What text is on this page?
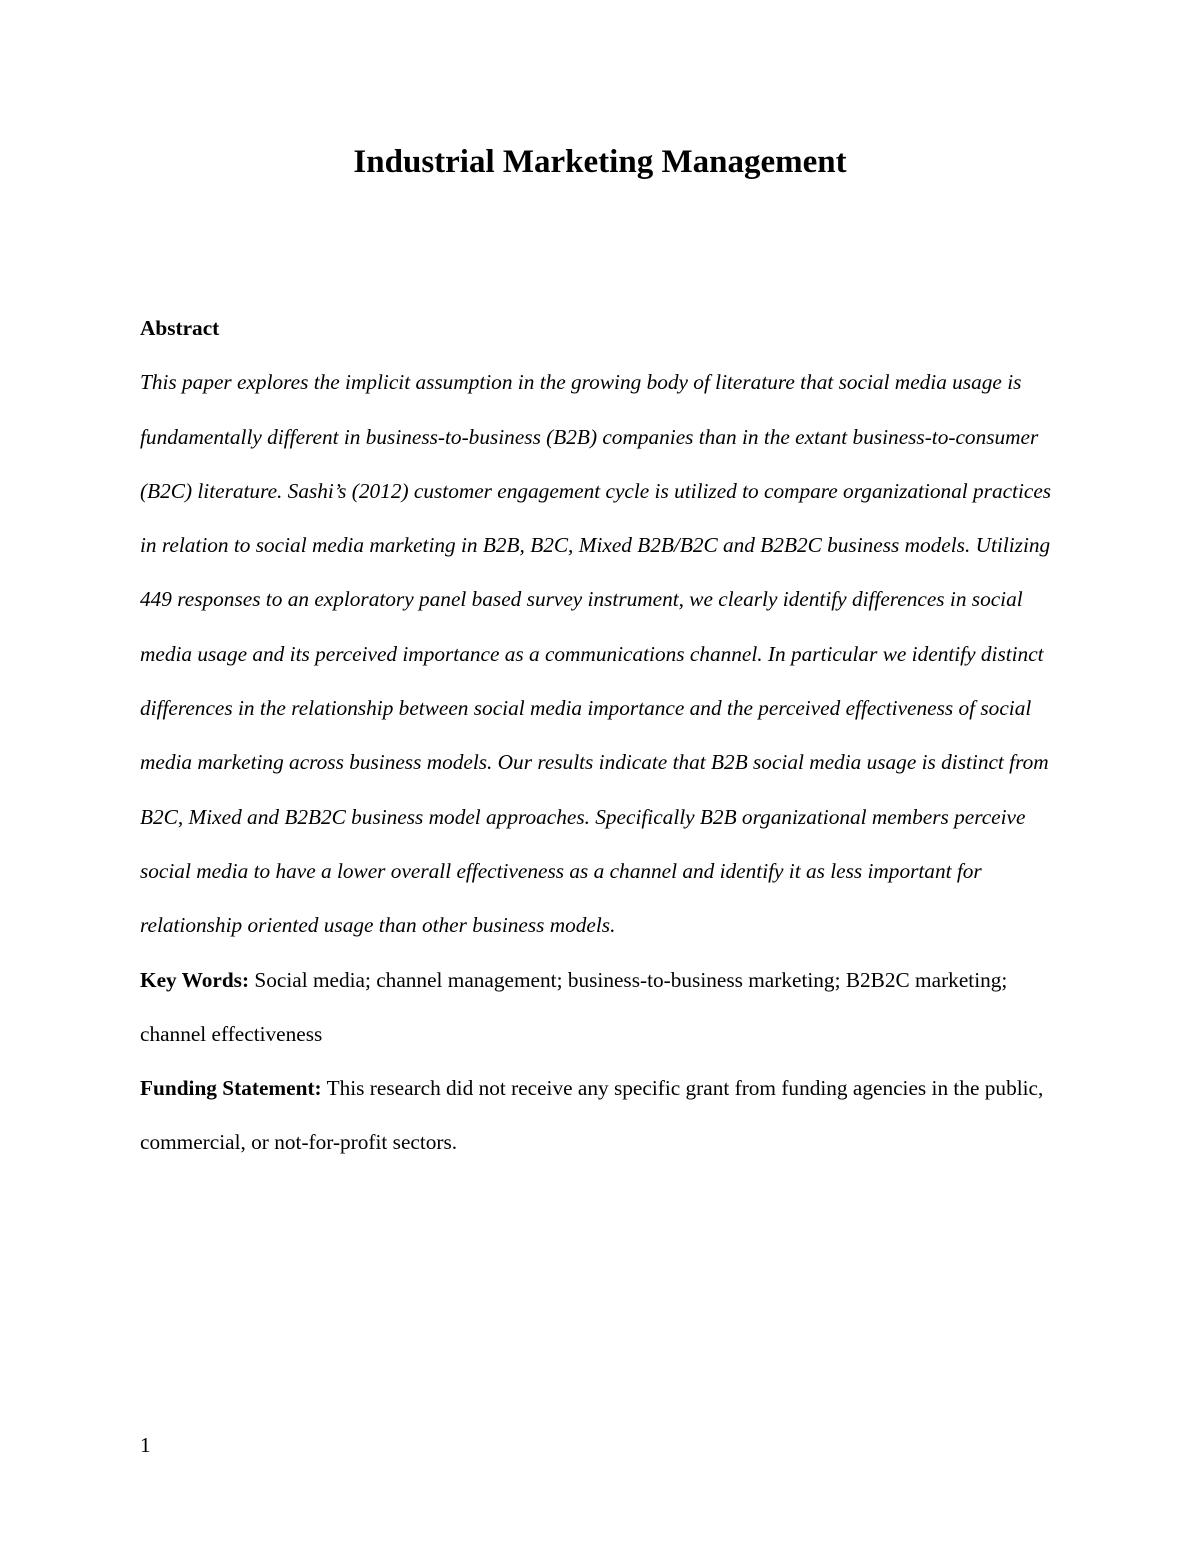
Industrial Marketing Management

Abstract

This paper explores the implicit assumption in the growing body of literature that social media usage is fundamentally different in business-to-business (B2B) companies than in the extant business-to-consumer (B2C) literature. Sashi’s (2012) customer engagement cycle is utilized to compare organizational practices in relation to social media marketing in B2B, B2C, Mixed B2B/B2C and B2B2C business models. Utilizing 449 responses to an exploratory panel based survey instrument, we clearly identify differences in social media usage and its perceived importance as a communications channel. In particular we identify distinct differences in the relationship between social media importance and the perceived effectiveness of social media marketing across business models. Our results indicate that B2B social media usage is distinct from B2C, Mixed and B2B2C business model approaches. Specifically B2B organizational members perceive social media to have a lower overall effectiveness as a channel and identify it as less important for relationship oriented usage than other business models.

Key Words: Social media; channel management; business-to-business marketing; B2B2C marketing; channel effectiveness

Funding Statement: This research did not receive any specific grant from funding agencies in the public, commercial, or not-for-profit sectors.

1
